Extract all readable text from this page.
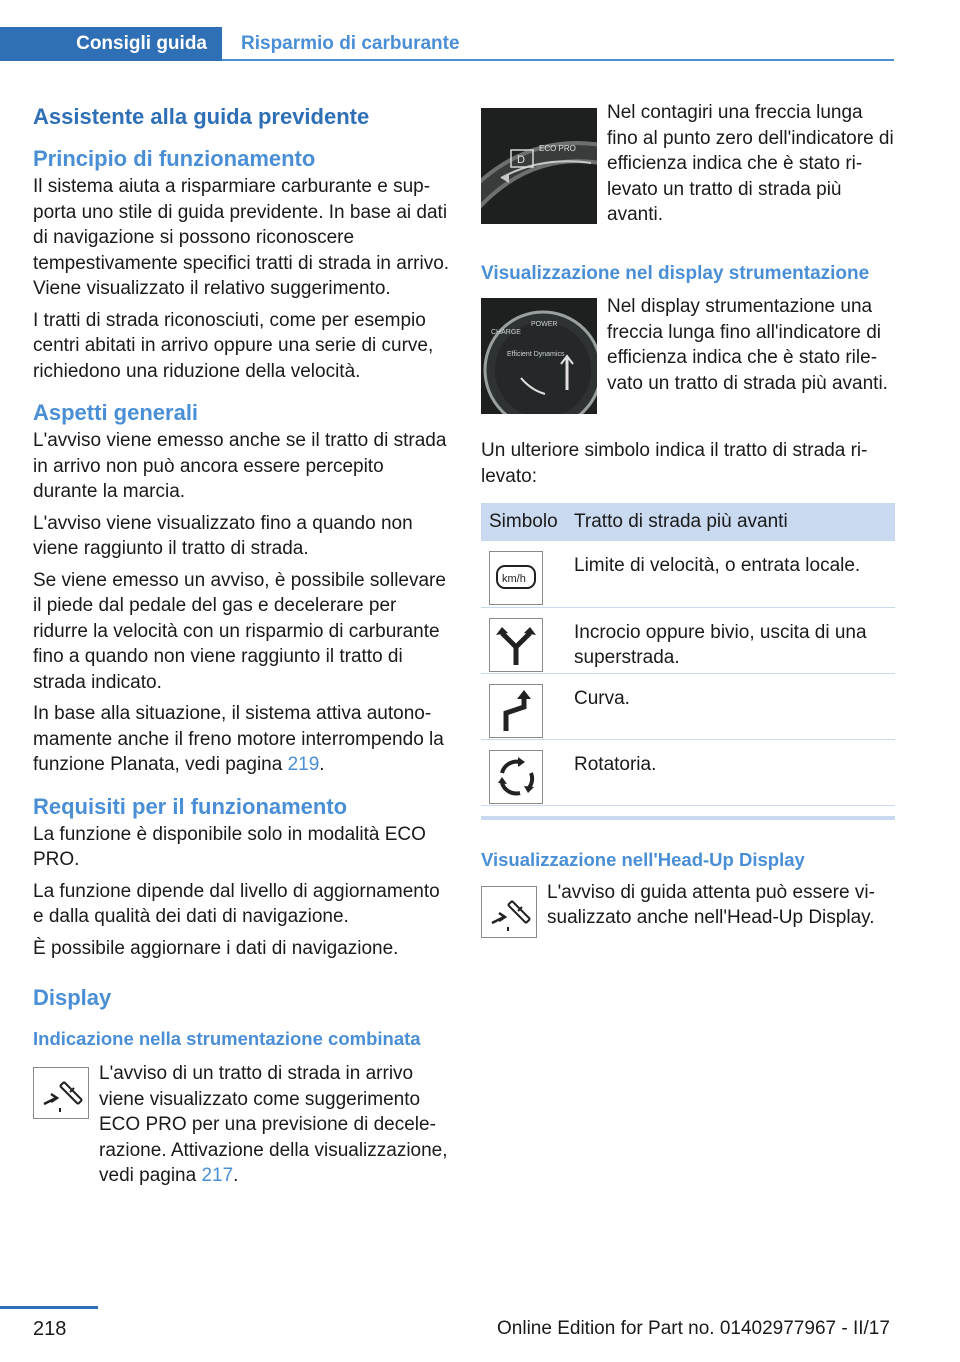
Consigli guida	Risparmio di carburante
Assistente alla guida previdente
Principio di funzionamento

Il sistema aiuta a risparmiare carburante e supporta uno stile di guida previdente. In base ai dati di navigazione si possono riconoscere tempestivamente specifici tratti di strada in arrivo. Viene visualizzato il relativo suggerimento.

I tratti di strada riconosciuti, come per esempio centri abitati in arrivo oppure una serie di curve, richiedono una riduzione della velocità.

Aspetti generali

L'avviso viene emesso anche se il tratto di strada in arrivo non può ancora essere percepito durante la marcia.

L'avviso viene visualizzato fino a quando non viene raggiunto il tratto di strada.

Se viene emesso un avviso, è possibile sollevare il piede dal pedale del gas e decelerare per ridurre la velocità con un risparmio di carburante fino a quando non viene raggiunto il tratto di strada indicato.

In base alla situazione, il sistema attiva autonomamente anche il freno motore interrompendo la funzione Planata, vedi pagina 219.

Requisiti per il funzionamento

La funzione è disponibile solo in modalità ECO PRO.

La funzione dipende dal livello di aggiornamento e dalla qualità dei dati di navigazione.

È possibile aggiornare i dati di navigazione.

Display
Indicazione nella strumentazione combinata

L'avviso di un tratto di strada in arrivo viene visualizzato come suggerimento ECO PRO per una previsione di decelerazione. Attivazione della visualizzazione, vedi pagina 217.

D
ECO PRO

Nel contagiri una freccia lunga fino al punto zero dell'indicatore di efficienza indica che è stato rilevato un tratto di strada più avanti.

Visualizzazione nel display strumentazione
CHARGE
POWER
Efficient Dynamics

Nel display strumentazione una freccia lunga fino all'indicatore di efficienza indica che è stato rilevato un tratto di strada più avanti.

Un ulteriore simbolo indica il tratto di strada rilevato:

Simbolo	Tratto di strada più avanti

km/h	Limite di velocità, o entrata locale.

	Incrocio oppure bivio, uscita di una superstrada.

	Curva.

	Rotatoria.
Visualizzazione nell'Head-Up Display

L'avviso di guida attenta può essere visualizzato anche nell'Head-Up Display.

218	Online Edition for Part no. 01402977967 - II/17
